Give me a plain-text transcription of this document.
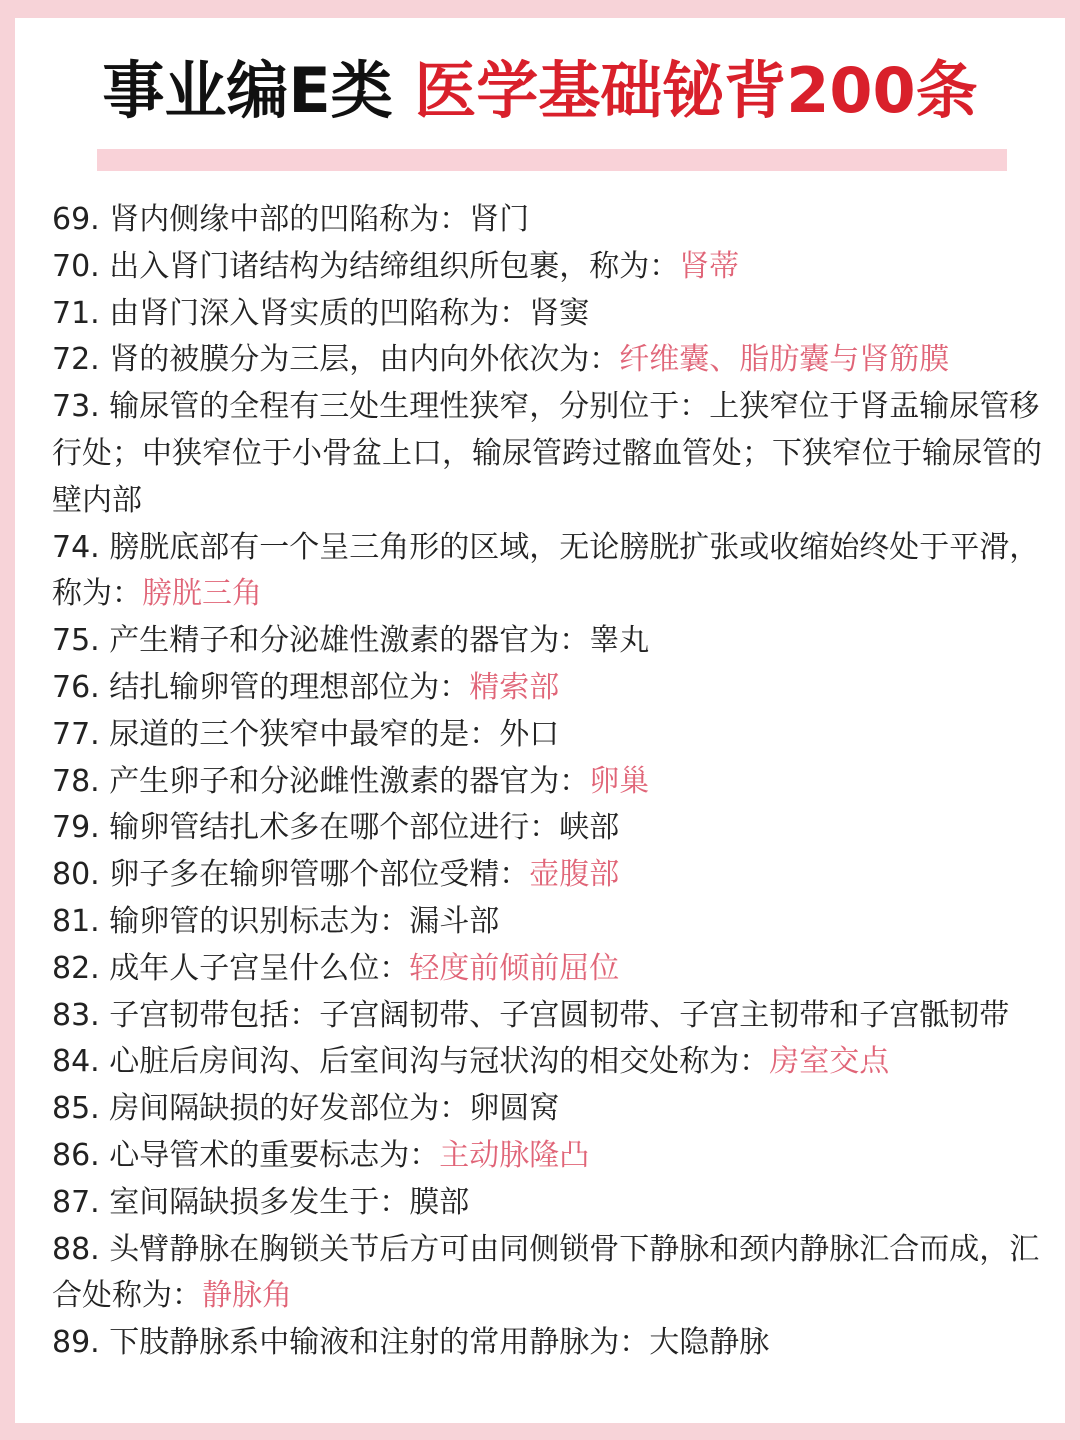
事业编E类 医学基础铋背200条

69. 肾内侧缘中部的凹陷称为：肾门

70. 出入肾门诸结构为结缔组织所包裹，称为：肾蒂

71. 由肾门深入肾实质的凹陷称为：肾窦

72. 肾的被膜分为三层，由内向外依次为：纤维囊、脂肪囊与肾筋膜

73. 输尿管的全程有三处生理性狭窄，分别位于：上狭窄位于肾盂输尿管移行处；中狭窄位于小骨盆上口，输尿管跨过髂血管处；下狭窄位于输尿管的壁内部

74. 膀胱底部有一个呈三角形的区域，无论膀胱扩张或收缩始终处于平滑，称为：膀胱三角

75. 产生精子和分泌雄性激素的器官为：睾丸

76. 结扎输卵管的理想部位为：精索部

77. 尿道的三个狭窄中最窄的是：外口

78. 产生卵子和分泌雌性激素的器官为：卵巢

79. 输卵管结扎术多在哪个部位进行：峡部

80. 卵子多在输卵管哪个部位受精：壶腹部

81. 输卵管的识别标志为：漏斗部

82. 成年人子宫呈什么位：轻度前倾前屈位

83. 子宫韧带包括：子宫阔韧带、子宫圆韧带、子宫主韧带和子宫骶韧带

84. 心脏后房间沟、后室间沟与冠状沟的相交处称为：房室交点

85. 房间隔缺损的好发部位为：卵圆窝

86. 心导管术的重要标志为：主动脉隆凸

87. 室间隔缺损多发生于：膜部

88. 头臂静脉在胸锁关节后方可由同侧锁骨下静脉和颈内静脉汇合而成，汇合处称为：静脉角

89. 下肢静脉系中输液和注射的常用静脉为：大隐静脉
